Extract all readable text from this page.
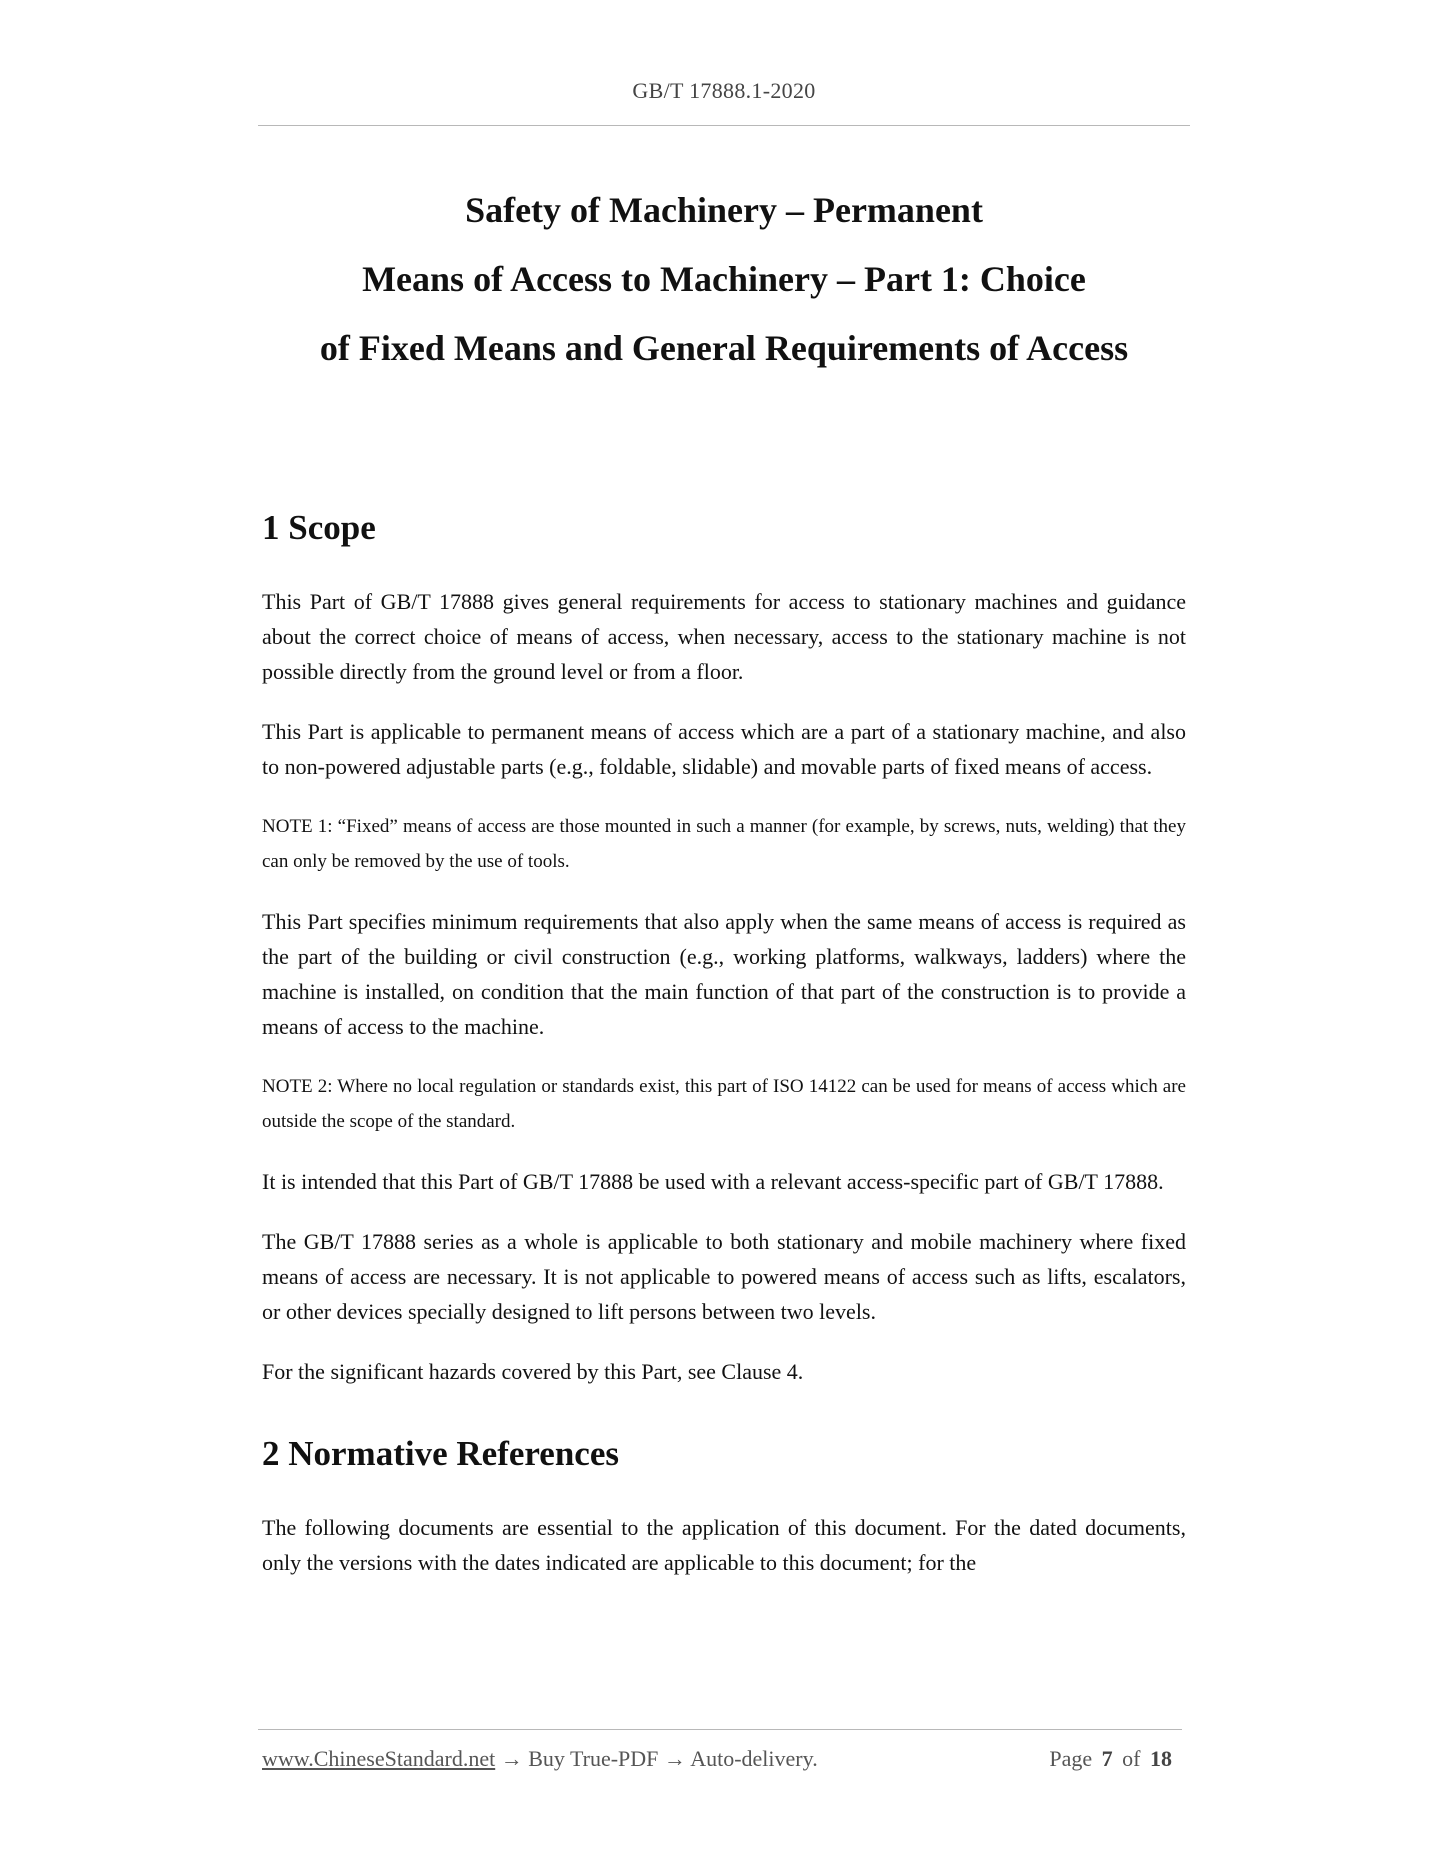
GB/T 17888.1-2020
Safety of Machinery – Permanent
Means of Access to Machinery – Part 1: Choice
of Fixed Means and General Requirements of Access
1 Scope
This Part of GB/T 17888 gives general requirements for access to stationary machines and guidance about the correct choice of means of access, when necessary, access to the stationary machine is not possible directly from the ground level or from a floor.
This Part is applicable to permanent means of access which are a part of a stationary machine, and also to non-powered adjustable parts (e.g., foldable, slidable) and movable parts of fixed means of access.
NOTE 1: “Fixed” means of access are those mounted in such a manner (for example, by screws, nuts, welding) that they can only be removed by the use of tools.
This Part specifies minimum requirements that also apply when the same means of access is required as the part of the building or civil construction (e.g., working platforms, walkways, ladders) where the machine is installed, on condition that the main function of that part of the construction is to provide a means of access to the machine.
NOTE 2: Where no local regulation or standards exist, this part of ISO 14122 can be used for means of access which are outside the scope of the standard.
It is intended that this Part of GB/T 17888 be used with a relevant access-specific part of GB/T 17888.
The GB/T 17888 series as a whole is applicable to both stationary and mobile machinery where fixed means of access are necessary. It is not applicable to powered means of access such as lifts, escalators, or other devices specially designed to lift persons between two levels.
For the significant hazards covered by this Part, see Clause 4.
2 Normative References
The following documents are essential to the application of this document. For the dated documents, only the versions with the dates indicated are applicable to this document; for the
www.ChineseStandard.net → Buy True-PDF → Auto-delivery.	Page 7 of 18
